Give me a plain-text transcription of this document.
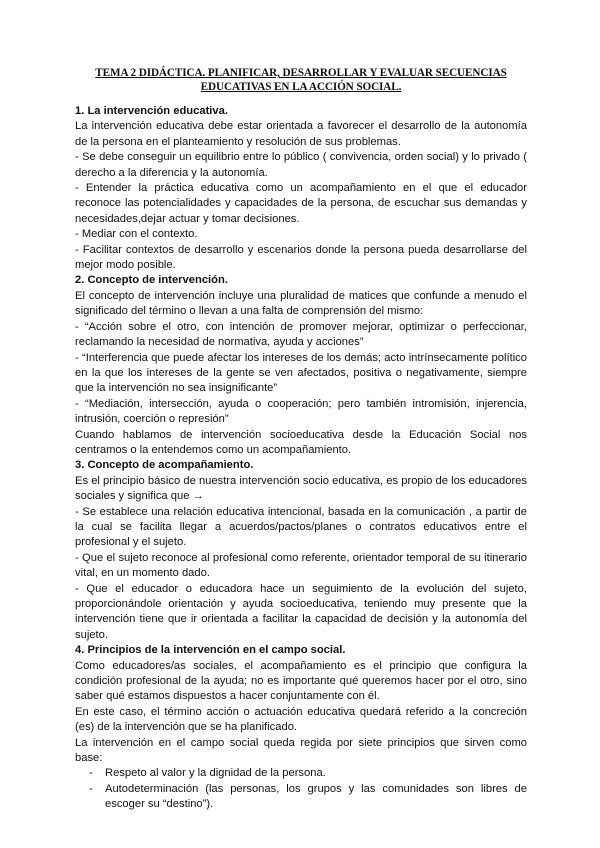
TEMA 2 DIDÁCTICA. PLANIFICAR, DESARROLLAR Y EVALUAR SECUENCIAS
EDUCATIVAS EN LA ACCIÓN SOCIAL.
1. La intervención educativa.

La intervención educativa debe estar orientada a favorecer el desarrollo de la autonomía de la persona en el planteamiento y resolución de sus problemas.

- Se debe conseguir un equilibrio entre lo público ( convivencia, orden social) y lo privado ( derecho a la diferencia y la autonomía.

- Entender la práctica educativa como un acompañamiento en el que el educador reconoce las potencialidades y capacidades de la persona, de escuchar sus demandas y necesidades,dejar actuar y tomar decisiones.

- Mediar con el contexto.

- Facilitar contextos de desarrollo y escenarios donde la persona pueda desarrollarse del mejor modo posible.

2. Concepto de intervención.

El concepto de intervención incluye una pluralidad de matices que confunde a menudo el significado del término o llevan a una falta de comprensión del mismo:

- “Acción sobre el otro, con intención de promover mejorar, optimizar o perfeccionar, reclamando la necesidad de normativa, ayuda y acciones”

- “Interferencia que puede afectar los intereses de los demás; acto intrínsecamente político en la que los intereses de la gente se ven afectados, positiva o negativamente, siempre que la intervención no sea insignificante”

- “Mediación, intersección, ayuda o cooperación; pero también intromisión, injerencia, intrusión, coerción o represión”

Cuando hablamos de intervención socioeducativa desde la Educación Social nos centramos o la entendemos como un acompañamiento.

3. Concepto de acompañamiento.

Es el principio básico de nuestra intervención socio educativa, es propio de los educadores sociales y significa que →

- Se establece una relación educativa intencional, basada en la comunicación , a partir de la cual se facilita llegar a acuerdos/pactos/planes o contratos educativos entre el profesional y el sujeto.

- Que el sujeto reconoce al profesional como referente, orientador temporal de su itinerario vital, en un momento dado.

- Que el educador o educadora hace un seguimiento de la evolución del sujeto, proporcionándole orientación y ayuda socioeducativa, teniendo muy presente que la intervención tiene que ir orientada a facilitar la capacidad de decisión y la autonomía del sujeto.

4. Principios de la intervención en el campo social.

Como educadores/as sociales, el acompañamiento es el principio que configura la condición profesional de la ayuda; no es importante qué queremos hacer por el otro, sino saber qué estamos dispuestos a hacer conjuntamente con él.

En este caso, el término acción o actuación educativa quedará referido a la concreción (es) de la intervención que se ha planificado.

La intervención en el campo social queda regida por siete principios que sirven como base:

- Respeto al valor y la dignidad de la persona.
- Autodeterminación (las personas, los grupos y las comunidades son libres de escoger su “destino”).
